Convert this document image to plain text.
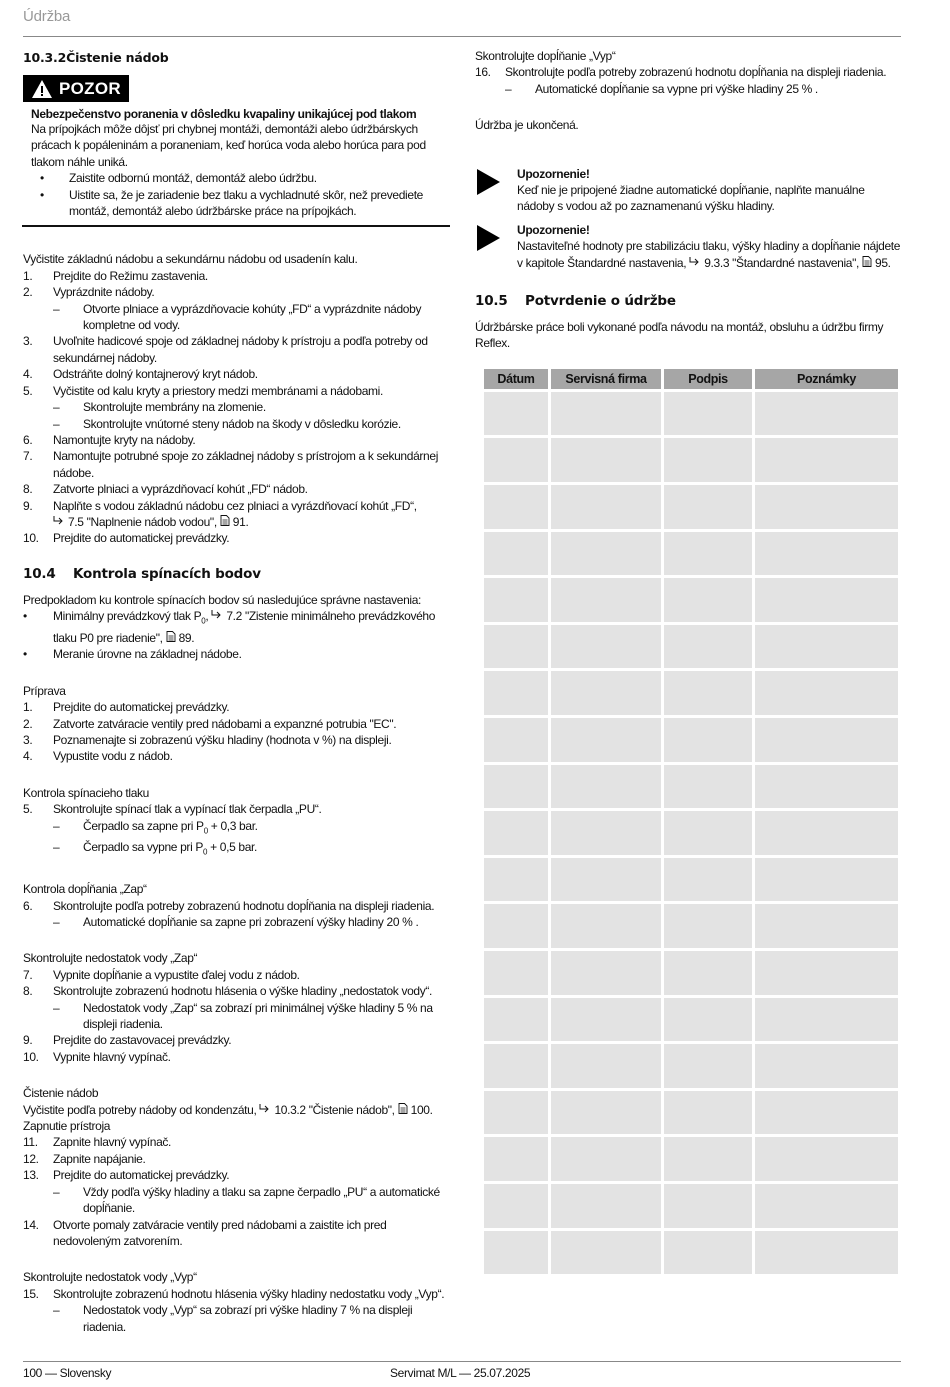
Údržba
10.3.2Čistenie nádob
POZOR
Nebezpečenstvo poranenia v dôsledku kvapaliny unikajúcej pod tlakom

Na prípojkách môže dôjsť pri chybnej montáži, demontáži alebo údržbárskych prácach k popáleninám a poraneniam, keď horúca voda alebo horúca para pod tlakom náhle uniká.

•	Zaistite odbornú montáž, demontáž alebo údržbu.
•	Uistite sa, že je zariadenie bez tlaku a vychladnuté skôr, než prevediete montáž, demontáž alebo údržbárske práce na prípojkách.

Vyčistite základnú nádobu a sekundárnu nádobu od usadenín kalu.

1.	Prejdite do Režimu zastavenia.
2.	Vyprázdnite nádoby.
–	Otvorte plniace a vyprázdňovacie kohúty „FD“ a vyprázdnite nádoby kompletne od vody.
3.	Uvoľnite hadicové spoje od základnej nádoby k prístroju a podľa potreby od sekundárnej nádoby.
4.	Odstráňte dolný kontajnerový kryt nádob.
5.	Vyčistite od kalu kryty a priestory medzi membránami a nádobami.
–	Skontrolujte membrány na zlomenie.
–	Skontrolujte vnútorné steny nádob na škody v dôsledku korózie.
6.	Namontujte kryty na nádoby.
7.	Namontujte potrubné spoje zo základnej nádoby s prístrojom a k sekundárnej nádobe.
8.	Zatvorte plniaci a vyprázdňovací kohút „FD“ nádob.
9.	Naplňte s vodou základnú nádobu cez plniaci a vyrázdňovací kohút „FD“,
7.5 "Naplnenie nádob vodou", 91.
10.	Prejdite do automatickej prevádzky.
10.4 Kontrola spínacích bodov

Predpokladom ku kontrole spínacích bodov sú nasledujúce správne nastavenia:

•	Minimálny prevádzkový tlak $P_0$, 7.2 "Zistenie minimálneho prevádzkového tlaku P0 pre riadenie", 89.
•	Meranie úrovne na základnej nádobe.

Príprava

1.	Prejdite do automatickej prevádzky.
2.	Zatvorte zatváracie ventily pred nádobami a expanzné potrubia "EC".
3.	Poznamenajte si zobrazenú výšku hladiny (hodnota v %) na displeji.
4.	Vypustite vodu z nádob.

Kontrola spínacieho tlaku

5.	Skontrolujte spínací tlak a vypínací tlak čerpadla „PU“.
–	Čerpadlo sa zapne pri $P_0 + 0,3$ bar.
–	Čerpadlo sa vypne pri $P_0 + 0,5$ bar.

Kontrola dopĺňania „Zap“

6.	Skontrolujte podľa potreby zobrazenú hodnotu dopĺňania na displeji riadenia.
–	Automatické dopĺňanie sa zapne pri zobrazení výšky hladiny 20 % .

Skontrolujte nedostatok vody „Zap“

7.	Vypnite dopĺňanie a vypustite ďalej vodu z nádob.
8.	Skontrolujte zobrazenú hodnotu hlásenia o výške hladiny „nedostatok vody“.
–	Nedostatok vody „Zap“ sa zobrazí pri minimálnej výške hladiny 5 % na displeji riadenia.
9.	Prejdite do zastavovacej prevádzky.
10.	Vypnite hlavný vypínač.

Čistenie nádob

Vyčistite podľa potreby nádoby od kondenzátu, 10.3.2 "Čistenie nádob", 100.

Zapnutie prístroja

11.	Zapnite hlavný vypínač.
12.	Zapnite napájanie.
13.	Prejdite do automatickej prevádzky.
–	Vždy podľa výšky hladiny a tlaku sa zapne čerpadlo „PU“ a automatické dopĺňanie.
14.	Otvorte pomaly zatváracie ventily pred nádobami a zaistite ich pred nedovoleným zatvorením.

Skontrolujte nedostatok vody „Vyp“

15.	Skontrolujte zobrazenú hodnotu hlásenia výšky hladiny nedostatku vody „Vyp“.
–	Nedostatok vody „Vyp“ sa zobrazí pri výške hladiny 7 % na displeji riadenia.

Skontrolujte dopĺňanie „Vyp“

16.	Skontrolujte podľa potreby zobrazenú hodnotu dopĺňania na displeji riadenia.
–	Automatické dopĺňanie sa vypne pri výške hladiny 25 % .

Údržba je ukončená.

Upozornenie!

Keď nie je pripojené žiadne automatické dopĺňanie, naplňte manuálne nádoby s vodou až po zaznamenanú výšku hladiny.

Upozornenie!

Nastaviteľné hodnoty pre stabilizáciu tlaku, výšky hladiny a dopĺňanie nájdete v kapitole Štandardné nastavenia, 9.3.3 "Štandardné nastavenia", 95.

10.5 Potvrdenie o údržbe

Údržbárske práce boli vykonané podľa návodu na montáž, obsluhu a údržbu firmy Reflex.

Dátum	Servisná firma	Podpis	Poznámky

100 — Slovensky	Servimat M/L — 25.07.2025
